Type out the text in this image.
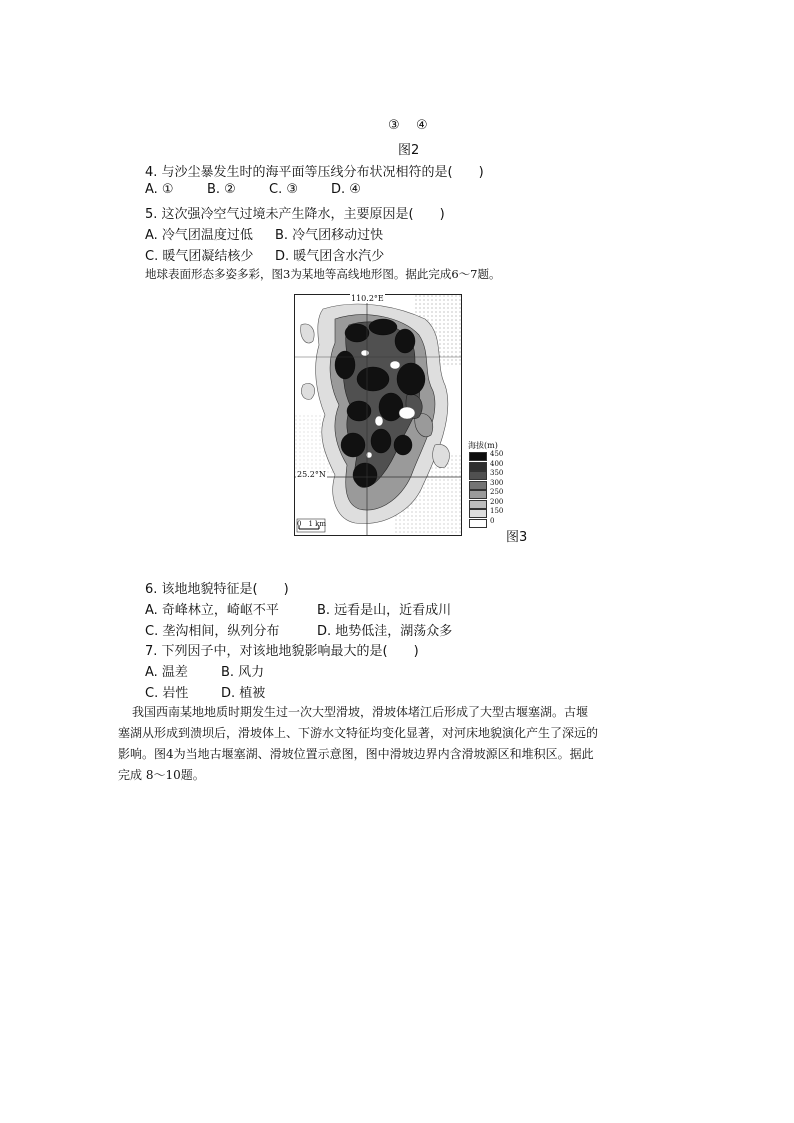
③ ④
图2
4. 与沙尘暴发生时的海平面等压线分布状况相符的是(　　)
A. ①	B. ②	C. ③	D. ④
5. 这次强冷空气过境未产生降水，主要原因是(　　)
A. 冷气团温度过低 B. 冷气团移动过快
C. 暖气团凝结核少 D. 暖气团含水汽少
地球表面形态多姿多彩，图3为某地等高线地形图。据此完成6～7题。
110.2°E
25.2°N
0　1 km
海拔(m)
450
400
350
300
250
200
150
0
图3
6. 该地地貌特征是(　　)
A. 奇峰林立，崎岖不平	B. 远看是山，近看成川
C. 垄沟相间，纵列分布	D. 地势低洼，湖荡众多
7. 下列因子中，对该地地貌影响最大的是(　　)
A. 温差	B. 风力
C. 岩性	D. 植被
我国西南某地地质时期发生过一次大型滑坡，滑坡体堵江后形成了大型古堰塞湖。古堰
塞湖从形成到溃坝后，滑坡体上、下游水文特征均变化显著，对河床地貌演化产生了深远的
影响。图4为当地古堰塞湖、滑坡位置示意图，图中滑坡边界内含滑坡源区和堆积区。据此
完成 8～10题。
